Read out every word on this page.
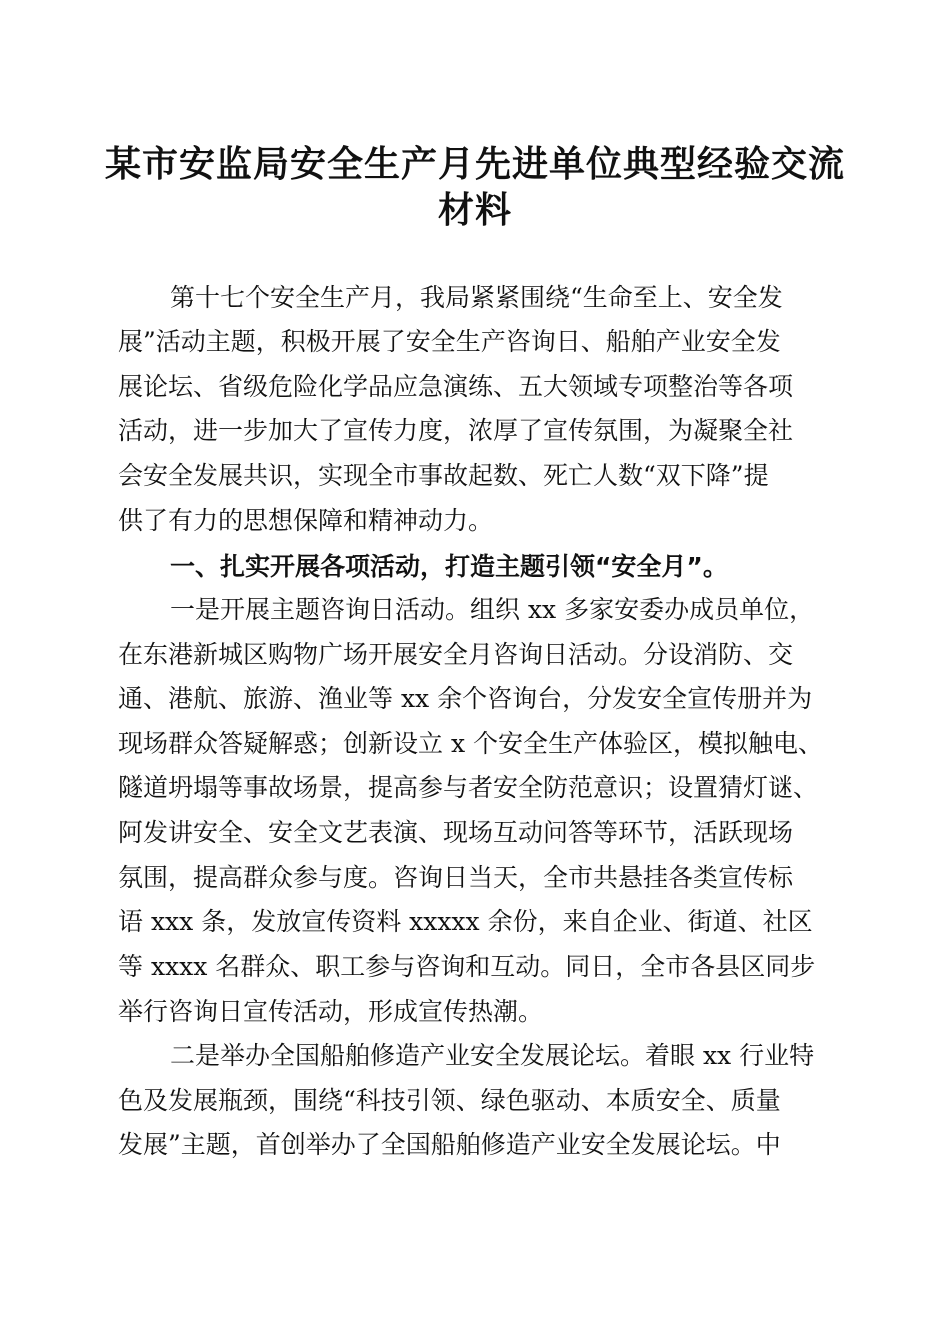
某市安监局安全生产月先进单位典型经验交流
材料

第十七个安全生产月，我局紧紧围绕“生命至上、安全发

展”活动主题，积极开展了安全生产咨询日、船舶产业安全发

展论坛、省级危险化学品应急演练、五大领域专项整治等各项

活动，进一步加大了宣传力度，浓厚了宣传氛围，为凝聚全社

会安全发展共识，实现全市事故起数、死亡人数“双下降”提

供了有力的思想保障和精神动力。

一、扎实开展各项活动，打造主题引领“安全月”。

一是开展主题咨询日活动。组织 xx 多家安委办成员单位，

在东港新城区购物广场开展安全月咨询日活动。分设消防、交

通、港航、旅游、渔业等 xx 余个咨询台，分发安全宣传册并为

现场群众答疑解惑；创新设立 x 个安全生产体验区，模拟触电、

隧道坍塌等事故场景，提高参与者安全防范意识；设置猜灯谜、

阿发讲安全、安全文艺表演、现场互动问答等环节，活跃现场

氛围，提高群众参与度。咨询日当天，全市共悬挂各类宣传标

语 xxx 条，发放宣传资料 xxxxx 余份，来自企业、街道、社区

等 xxxx 名群众、职工参与咨询和互动。同日，全市各县区同步

举行咨询日宣传活动，形成宣传热潮。

二是举办全国船舶修造产业安全发展论坛。着眼 xx 行业特

色及发展瓶颈，围绕“科技引领、绿色驱动、本质安全、质量

发展”主题，首创举办了全国船舶修造产业安全发展论坛。中
